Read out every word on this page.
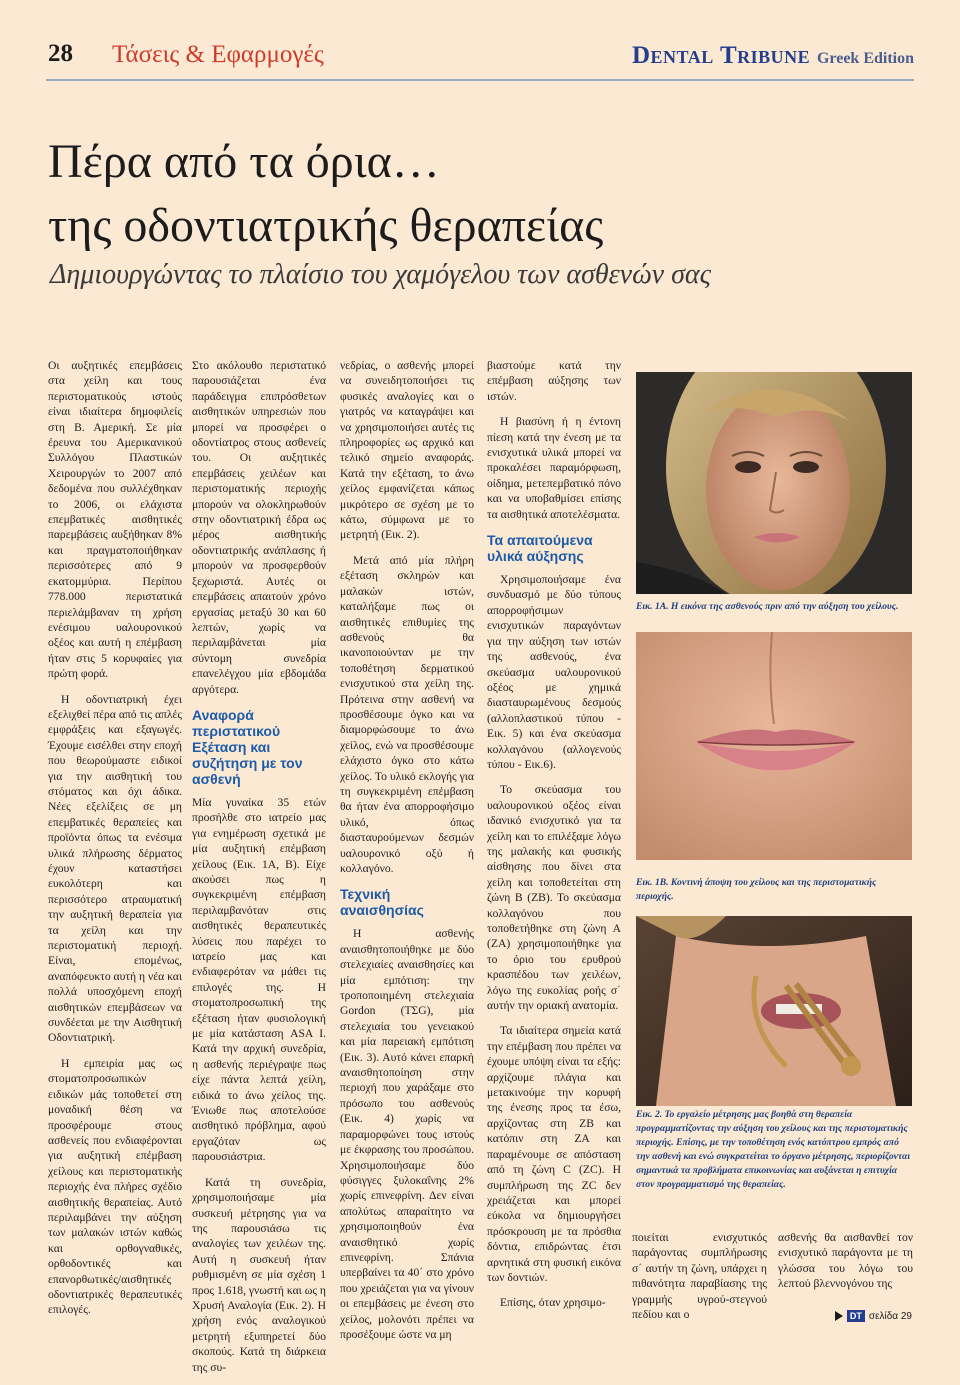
28 Τάσεις & Εφαρμογές	Dental Tribune Greek Edition
Πέρα από τα όρια…
της οδοντιατρικής θεραπείας
Δημιουργώντας το πλαίσιο του χαμόγελου των ασθενών σας

Οι αυξητικές επεμβάσεις στα χείλη και τους περιστοματικούς ιστούς είναι ιδιαίτερα δημοφιλείς στη Β. Αμερική. Σε μία έρευνα του Αμερικανικού Συλλόγου Πλαστικών Χειρουργών το 2007 από δεδομένα που συλλέχθηκαν το 2006, οι ελάχιστα επεμβατικές αισθητικές παρεμβάσεις αυξήθηκαν 8% και πραγματοποιήθηκαν περισσότερες από 9 εκατομμύρια. Περίπου 778.000 περιστατικά περιελάμβαναν τη χρήση ενέσιμου υαλουρονικού οξέος και αυτή η επέμβαση ήταν στις 5 κορυφαίες για πρώτη φορά.

Η οδοντιατρική έχει εξελιχθεί πέρα από τις απλές εμφράξεις και εξαγωγές. Έχουμε εισέλθει στην εποχή που θεωρούμαστε ειδικοί για την αισθητική του στόματος και όχι άδικα. Νέες εξελίξεις σε μη επεμβατικές θεραπείες και προϊόντα όπως τα ενέσιμα υλικά πλήρωσης δέρματος έχουν καταστήσει ευκολότερη και περισσότερο ατραυματική την αυξητική θεραπεία για τα χείλη και την περιστοματική περιοχή. Είναι, επομένως, αναπόφευκτο αυτή η νέα και πολλά υποσχόμενη εποχή αισθητικών επεμβάσεων να συνδέεται με την Αισθητική Οδοντιατρική.

Η εμπειρία μας ως στοματοπροσωπικών ειδικών μάς τοποθετεί στη μοναδική θέση να προσφέρουμε στους ασθενείς που ενδιαφέρονται για αυξητική επέμβαση χείλους και περιστοματικής περιοχής ένα πλήρες σχέδιο αισθητικής θεραπείας. Αυτό περιλαμβάνει την αύξηση των μαλακών ιστών καθώς και ορθογναθικές, ορθοδοντικές και επανορθωτικές/αισθητικές οδοντιατρικές θεραπευτικές επιλογές.

Στο ακόλουθο περιστατικό παρουσιάζεται ένα παράδειγμα επιπρόσθετων αισθητικών υπηρεσιών που μπορεί να προσφέρει ο οδοντίατρος στους ασθενείς του. Οι αυξητικές επεμβάσεις χειλέων και περιστοματικής περιοχής μπορούν να ολοκληρωθούν στην οδοντιατρική έδρα ως μέρος αισθητικής οδοντιατρικής ανάπλασης ή μπορούν να προσφερθούν ξεχωριστά. Αυτές οι επεμβάσεις απαιτούν χρόνο εργασίας μεταξύ 30 και 60 λεπτών, χωρίς να περιλαμβάνεται μία σύντομη συνεδρία επανελέγχου μία εβδομάδα αργότερα.

Αναφορά περιστατικού Εξέταση και συζήτηση με τον ασθενή

Μία γυναίκα 35 ετών προσήλθε στο ιατρείο μας για ενημέρωση σχετικά με μία αυξητική επέμβαση χείλους (Εικ. 1Α, Β). Είχε ακούσει πως η συγκεκριμένη επέμβαση περιλαμβανόταν στις αισθητικές θεραπευτικές λύσεις που παρέχει το ιατρείο μας και ενδιαφερόταν να μάθει τις επιλογές της. Η στοματοπροσωπική της εξέταση ήταν φυσιολογική με μία κατάσταση ASA I. Κατά την αρχική συνεδρία, η ασθενής περιέγραψε πως είχε πάντα λεπτά χείλη, ειδικά το άνω χείλος της. Ένιωθε πως αποτελούσε αισθητικό πρόβλημα, αφού εργαζόταν ως παρουσιάστρια.

Κατά τη συνεδρία, χρησιμοποιήσαμε μία συσκευή μέτρησης για να της παρουσιάσω τις αναλογίες των χειλέων της. Αυτή η συσκευή ήταν ρυθμισμένη σε μία σχέση 1 προς 1.618, γνωστή και ως η Χρυσή Αναλογία (Εικ. 2). Η χρήση ενός αναλογικού μετρητή εξυπηρετεί δύο σκοπούς. Κατά τη διάρκεια της συ-

νεδρίας, ο ασθενής μπορεί να συνειδητοποιήσει τις φυσικές αναλογίες και ο γιατρός να καταγράψει και να χρησιμοποιήσει αυτές τις πληροφορίες ως αρχικό και τελικό σημείο αναφοράς. Κατά την εξέταση, το άνω χείλος εμφανίζεται κάπως μικρότερο σε σχέση με το κάτω, σύμφωνα με το μετρητή (Εικ. 2).

Μετά από μία πλήρη εξέταση σκληρών και μαλακών ιστών, καταλήξαμε πως οι αισθητικές επιθυμίες της ασθενούς θα ικανοποιούνταν με την τοποθέτηση δερματικού ενισχυτικού στα χείλη της. Πρότεινα στην ασθενή να προσθέσουμε όγκο και να διαμορφώσουμε το άνω χείλος, ενώ να προσθέσουμε ελάχιστο όγκο στο κάτω χείλος. Το υλικό εκλογής για τη συγκεκριμένη επέμβαση θα ήταν ένα απορροφήσιμο υλικό, όπως διασταυρούμενων δεσμών υαλουρονικό οξύ ή κολλαγόνο.

Τεχνική αναισθησίας

Η ασθενής αναισθητοποιήθηκε με δύο στελεχιαίες αναισθησίες και μία εμπότιση: την τροποποιημένη στελεχιαία Gordon (ΤΣG), μία στελεχιαία του γενειακού και μία παρειακή εμπότιση (Εικ. 3). Αυτό κάνει επαρκή αναισθητοποίηση στην περιοχή που χαράξαμε στο πρόσωπο του ασθενούς (Εικ. 4) χωρίς να παραμορφώνει τους ιστούς με έκφρασης του προσώπου. Χρησιμοποιήσαμε δύο φύσιγγες ξυλοκαΐνης 2% χωρίς επινεφρίνη. Δεν είναι απολύτως απαραίτητο να χρησιμοποιηθούν ένα αναισθητικό χωρίς επινεφρίνη. Σπάνια υπερβαίνει τα 40΄ στο χρόνο που χρειάζεται για να γίνουν οι επεμβάσεις με ένεση στο χείλος, μολονότι πρέπει να προσέξουμε ώστε να μη

βιαστούμε κατά την επέμβαση αύξησης των ιστών.

Η βιασύνη ή η έντονη πίεση κατά την ένεση με τα ενισχυτικά υλικά μπορεί να προκαλέσει παραμόρφωση, οίδημα, μετεπεμβατικό πόνο και να υποβαθμίσει επίσης τα αισθητικά αποτελέσματα.

Τα απαιτούμενα υλικά αύξησης

Χρησιμοποιήσαμε ένα συνδυασμό με δύο τύπους απορροφήσιμων ενισχυτικών παραγόντων για την αύξηση των ιστών της ασθενούς, ένα σκεύασμα υαλουρονικού οξέος με χημικά διασταυρωμένους δεσμούς (αλλοπλαστικού τύπου - Εικ. 5) και ένα σκεύασμα κολλαγόνου (αλλογενούς τύπου - Εικ.6).

Το σκεύασμα του υαλουρονικού οξέος είναι ιδανικό ενισχυτικό για τα χείλη και το επιλέξαμε λόγω της μαλακής και φυσικής αίσθησης που δίνει στα χείλη και τοποθετείται στη ζώνη Β (ΖΒ). Το σκεύασμα κολλαγόνου που τοποθετήθηκε στη ζώνη Α (ΖΑ) χρησιμοποιήθηκε για το όριο του ερυθρού κρασπέδου των χειλέων, λόγω της ευκολίας ροής σ΄ αυτήν την οριακή ανατομία.

Τα ιδιαίτερα σημεία κατά την επέμβαση που πρέπει να έχουμε υπόψη είναι τα εξής: αρχίζουμε πλάγια και μετακινούμε την κορυφή της ένεσης προς τα έσω, αρχίζοντας στη ΖΒ και κατόπιν στη ΖΑ και παραμένουμε σε απόσταση από τη ζώνη C (ZC). Η συμπλήρωση της ZC δεν χρειάζεται και μπορεί εύκολα να δημιουργήσει πρόσκρουση με τα πρόσθια δόντια, επιδρώντας έτσι αρνητικά στη φυσική εικόνα των δοντιών.

Επίσης, όταν χρησιμο-

Εικ. 1Α. Η εικόνα της ασθενούς πριν από την αύξηση του χείλους.
Εικ. 1Β. Κοντινή άποψη του χείλους και της περιστοματικής περιοχής.
Εικ. 2. Το εργαλείο μέτρησης μας βοηθά στη θεραπεία προγραμματίζοντας την αύξηση του χείλους και της περιστοματικής περιοχής. Επίσης, με την τοποθέτηση ενός κατόπτρου εμπρός από την ασθενή και ενώ συγκρατείται το όργανο μέτρησης, περιορίζονται σημαντικά τα προβλήματα επικοινωνίας και αυξάνεται η επιτυχία στον προγραμματισμό της θεραπείας.

ποιείται ενισχυτικός παράγοντας συμπλήρωσης σ΄ αυτήν τη ζώνη, υπάρχει η πιθανότητα παραβίασης της γραμμής υγρού-στεγνού πεδίου και ο

ασθενής θα αισθανθεί τον ενισχυτικό παράγοντα με τη γλώσσα του λόγω του λεπτού βλεννογόνου της

DT σελίδα 29
